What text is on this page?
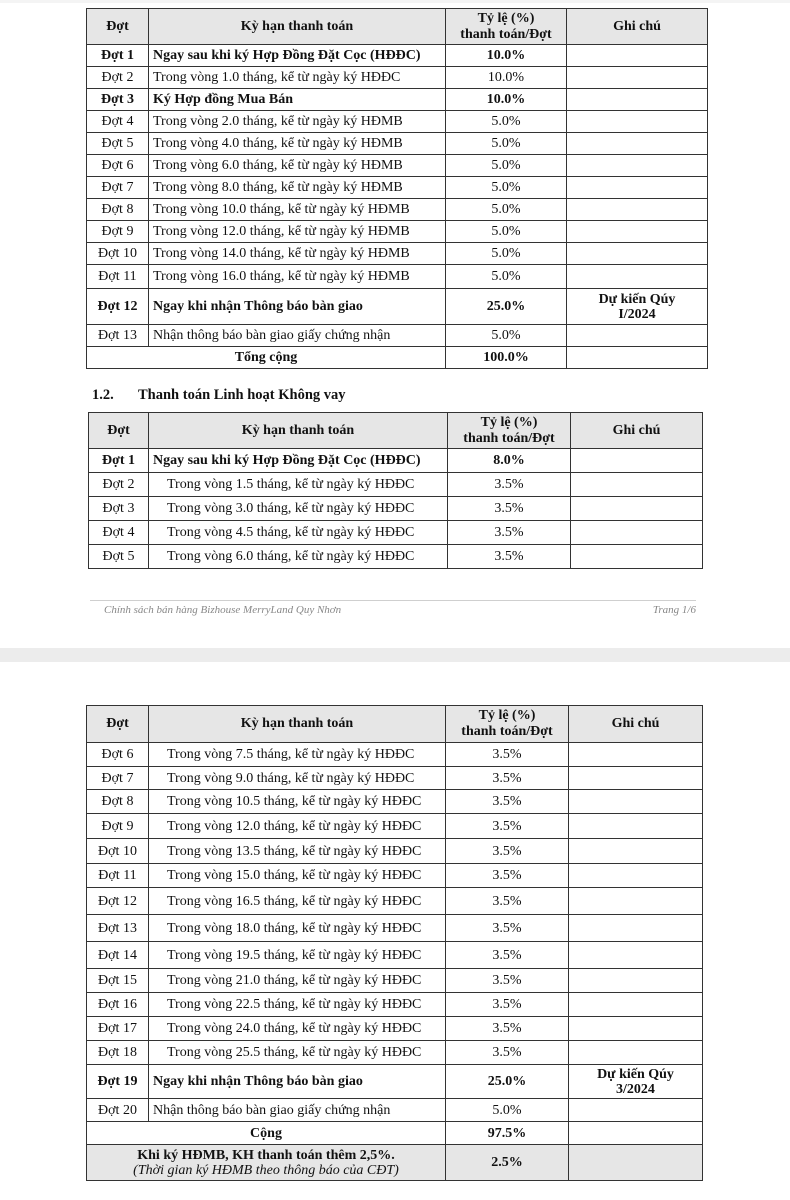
Đợt	Kỳ hạn thanh toán	Tỷ lệ (%)
thanh toán/Đợt	Ghi chú
Đợt 1	Ngay sau khi ký Hợp Đồng Đặt Cọc (HĐĐC)	10.0%	
Đợt 2	Trong vòng 1.0 tháng, kể từ ngày ký HĐĐC	10.0%	
Đợt 3	Ký Hợp đồng Mua Bán	10.0%	
Đợt 4	Trong vòng 2.0 tháng, kể từ ngày ký HĐMB	5.0%	
Đợt 5	Trong vòng 4.0 tháng, kể từ ngày ký HĐMB	5.0%	
Đợt 6	Trong vòng 6.0 tháng, kể từ ngày ký HĐMB	5.0%	
Đợt 7	Trong vòng 8.0 tháng, kể từ ngày ký HĐMB	5.0%	
Đợt 8	Trong vòng 10.0 tháng, kể từ ngày ký HĐMB	5.0%	
Đợt 9	Trong vòng 12.0 tháng, kể từ ngày ký HĐMB	5.0%	
Đợt 10	Trong vòng 14.0 tháng, kể từ ngày ký HĐMB	5.0%	
Đợt 11	Trong vòng 16.0 tháng, kể từ ngày ký HĐMB	5.0%	
Đợt 12	Ngay khi nhận Thông báo bàn giao	25.0%	Dự kiến Qúy
I/2024
Đợt 13	Nhận thông báo bàn giao giấy chứng nhận	5.0%	
Tổng cộng		100.0%	
1.2. Thanh toán Linh hoạt Không vay
Đợt	Kỳ hạn thanh toán	Tỷ lệ (%)
thanh toán/Đợt	Ghi chú
Đợt 1	Ngay sau khi ký Hợp Đồng Đặt Cọc (HĐĐC)	8.0%	
Đợt 2	Trong vòng 1.5 tháng, kể từ ngày ký HĐĐC	3.5%	
Đợt 3	Trong vòng 3.0 tháng, kể từ ngày ký HĐĐC	3.5%	
Đợt 4	Trong vòng 4.5 tháng, kể từ ngày ký HĐĐC	3.5%	
Đợt 5	Trong vòng 6.0 tháng, kể từ ngày ký HĐĐC	3.5%	
Chính sách bán hàng Bizhouse MerryLand Quy Nhơn	Trang 1/6
Đợt	Kỳ hạn thanh toán	Tỷ lệ (%)
thanh toán/Đợt	Ghi chú
Đợt 6	Trong vòng 7.5 tháng, kể từ ngày ký HĐĐC	3.5%	
Đợt 7	Trong vòng 9.0 tháng, kể từ ngày ký HĐĐC	3.5%	
Đợt 8	Trong vòng 10.5 tháng, kể từ ngày ký HĐĐC	3.5%	
Đợt 9	Trong vòng 12.0 tháng, kể từ ngày ký HĐĐC	3.5%	
Đợt 10	Trong vòng 13.5 tháng, kể từ ngày ký HĐĐC	3.5%	
Đợt 11	Trong vòng 15.0 tháng, kể từ ngày ký HĐĐC	3.5%	
Đợt 12	Trong vòng 16.5 tháng, kể từ ngày ký HĐĐC	3.5%	
Đợt 13	Trong vòng 18.0 tháng, kể từ ngày ký HĐĐC	3.5%	
Đợt 14	Trong vòng 19.5 tháng, kể từ ngày ký HĐĐC	3.5%	
Đợt 15	Trong vòng 21.0 tháng, kể từ ngày ký HĐĐC	3.5%	
Đợt 16	Trong vòng 22.5 tháng, kể từ ngày ký HĐĐC	3.5%	
Đợt 17	Trong vòng 24.0 tháng, kể từ ngày ký HĐĐC	3.5%	
Đợt 18	Trong vòng 25.5 tháng, kể từ ngày ký HĐĐC	3.5%	
Đợt 19	Ngay khi nhận Thông báo bàn giao	25.0%	Dự kiến Qúy
3/2024
Đợt 20	Nhận thông báo bàn giao giấy chứng nhận	5.0%	
Cộng		97.5%	
Khi ký HĐMB, KH thanh toán thêm 2,5%.
(Thời gian ký HĐMB theo thông báo của CĐT)		2.5%	
